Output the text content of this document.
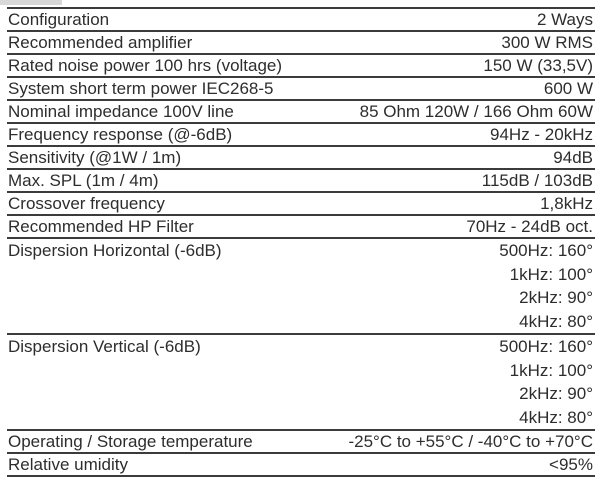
Configuration	2 Ways
Recommended amplifier	300 W RMS
Rated noise power 100 hrs (voltage)	150 W (33,5V)
System short term power IEC268-5	600 W
Nominal impedance 100V line	85 Ohm 120W / 166 Ohm 60W
Frequency response (@-6dB)	94Hz - 20kHz
Sensitivity (@1W / 1m)	94dB
Max. SPL (1m / 4m)	115dB / 103dB
Crossover frequency	1,8kHz
Recommended HP Filter	70Hz - 24dB oct.
Dispersion Horizontal (-6dB)	500Hz: 160°
1kHz: 100°
2kHz: 90°
4kHz: 80°
Dispersion Vertical (-6dB)	500Hz: 160°
1kHz: 100°
2kHz: 90°
4kHz: 80°
Operating / Storage temperature	-25°C to +55°C / -40°C to +70°C
Relative umidity	<95%
